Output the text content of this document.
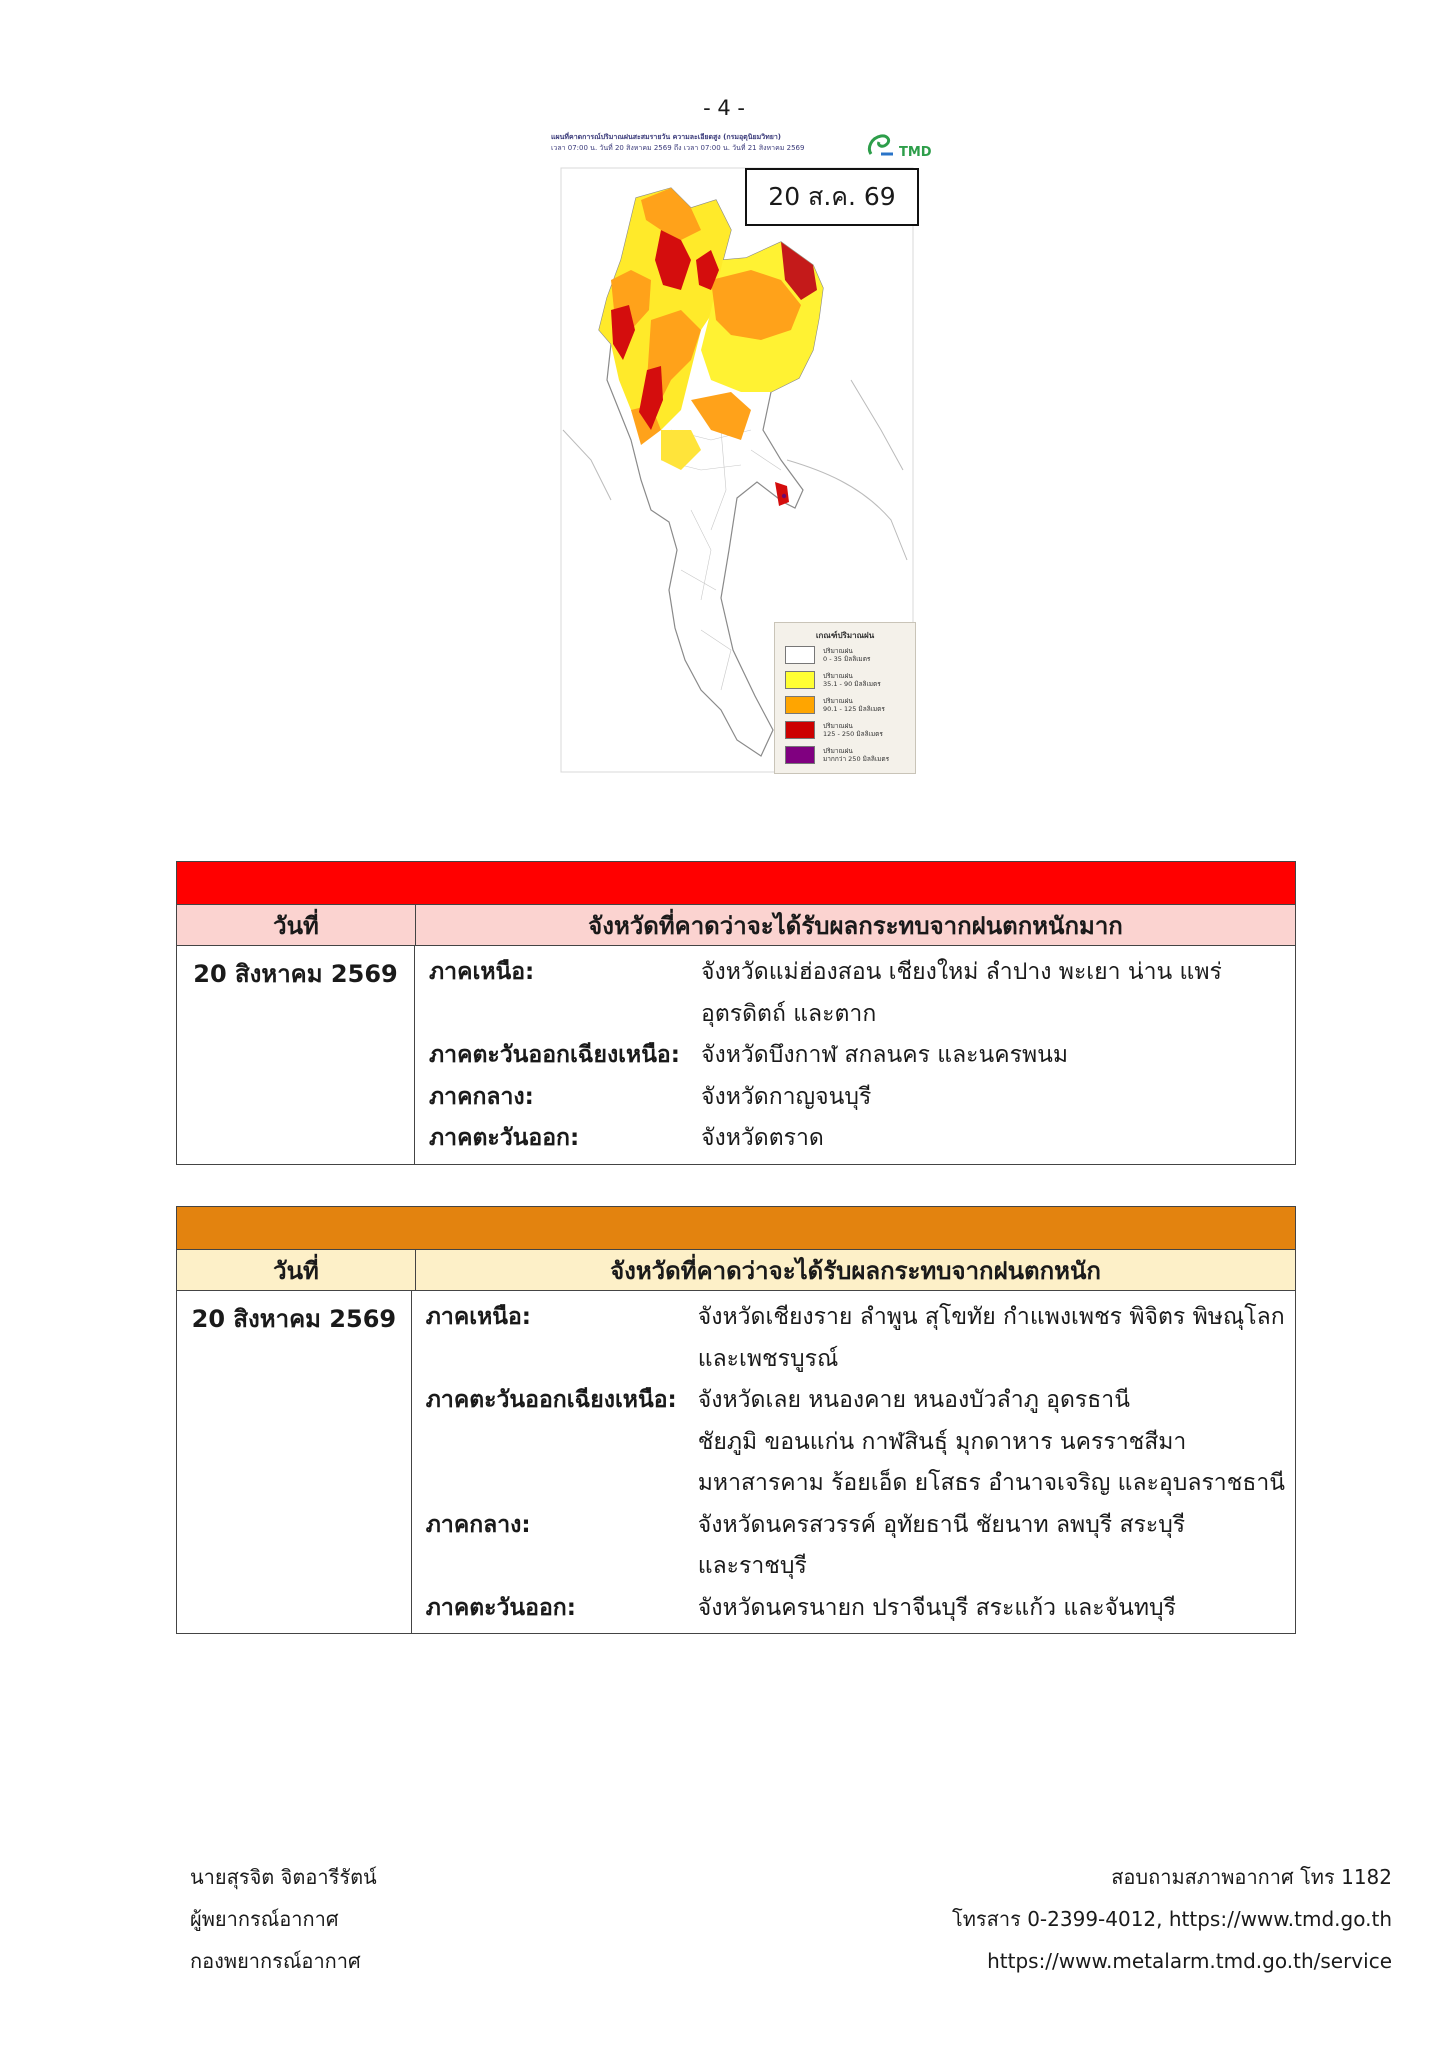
- 4 -
แผนที่คาดการณ์ปริมาณฝนสะสมรายวัน ความละเอียดสูง (กรมอุตุนิยมวิทยา)
เวลา 07:00 น. วันที่ 20 สิงหาคม 2569 ถึง เวลา 07:00 น. วันที่ 21 สิงหาคม 2569	TMD
20 ส.ค. 69
เกณฑ์ปริมาณฝน
ปริมาณฝน
0 - 35 มิลลิเมตร
ปริมาณฝน
35.1 - 90 มิลลิเมตร
ปริมาณฝน
90.1 - 125 มิลลิเมตร
ปริมาณฝน
125 - 250 มิลลิเมตร
ปริมาณฝน
มากกว่า 250 มิลลิเมตร
วันที่	จังหวัดที่คาดว่าจะได้รับผลกระทบจากฝนตกหนักมาก
20 สิงหาคม 2569	ภาคเหนือ:	จังหวัดแม่ฮ่องสอน เชียงใหม่ ลำปาง พะเยา น่าน แพร่
อุตรดิตถ์ และตาก
ภาคตะวันออกเฉียงเหนือ: จังหวัดบึงกาฬ สกลนคร และนครพนม
ภาคกลาง:	จังหวัดกาญจนบุรี
ภาคตะวันออก:	จังหวัดตราด
วันที่	จังหวัดที่คาดว่าจะได้รับผลกระทบจากฝนตกหนัก
20 สิงหาคม 2569	ภาคเหนือ:	จังหวัดเชียงราย ลำพูน สุโขทัย กำแพงเพชร พิจิตร พิษณุโลก
และเพชรบูรณ์
ภาคตะวันออกเฉียงเหนือ: จังหวัดเลย หนองคาย หนองบัวลำภู อุดรธานี
ชัยภูมิ ขอนแก่น กาฬสินธุ์ มุกดาหาร นครราชสีมา
มหาสารคาม ร้อยเอ็ด ยโสธร อำนาจเจริญ และอุบลราชธานี
ภาคกลาง:	จังหวัดนครสวรรค์ อุทัยธานี ชัยนาท ลพบุรี สระบุรี
และราชบุรี
ภาคตะวันออก:	จังหวัดนครนายก ปราจีนบุรี สระแก้ว และจันทบุรี
นายสุรจิต จิตอารีรัตน์
ผู้พยากรณ์อากาศ
กองพยากรณ์อากาศ
สอบถามสภาพอากาศ โทร 1182
โทรสาร 0-2399-4012, https://www.tmd.go.th
https://www.metalarm.tmd.go.th/service
